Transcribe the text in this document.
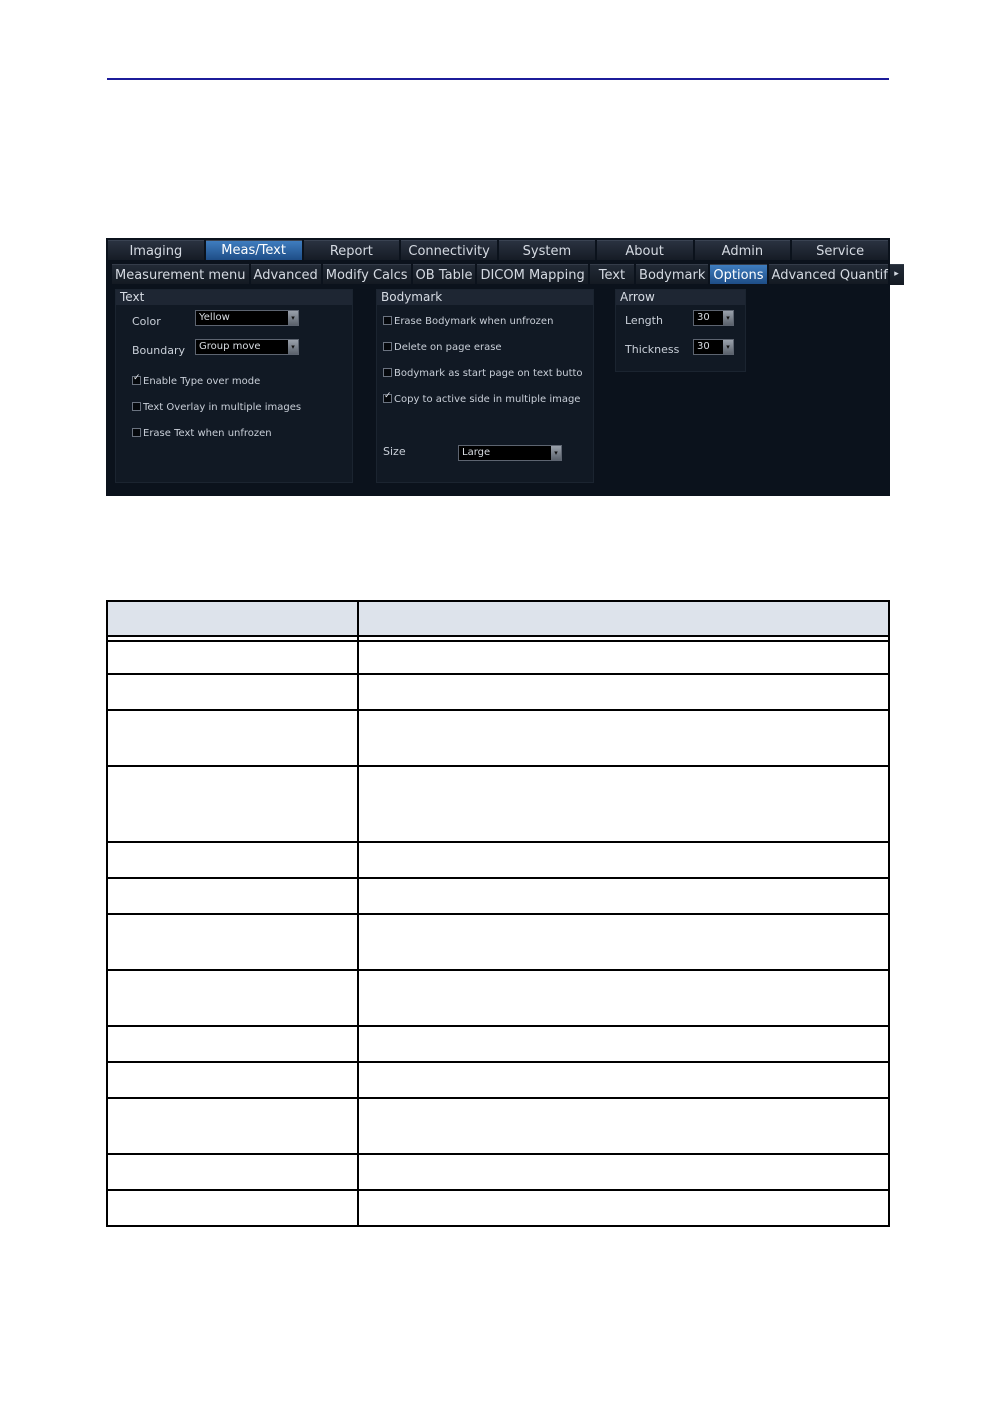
Imaging	Meas/Text	Report	Connectivity	System	About	Admin	Service
Measurement menu Advanced Modify Calcs OB Table DICOM Mapping	Text	Bodymark Options Advanced Quantif ▸
Text
Color	Yellow	▾
Boundary	Group move	▾
✓ Enable Type over mode
Text Overlay in multiple images
Erase Text when unfrozen
Bodymark
Erase Bodymark when unfrozen
Delete on page erase
Bodymark as start page on text butto
✓ Copy to active side in multiple image
Size	Large	▾
Arrow
Length	30	▾
Thickness	30	▾
